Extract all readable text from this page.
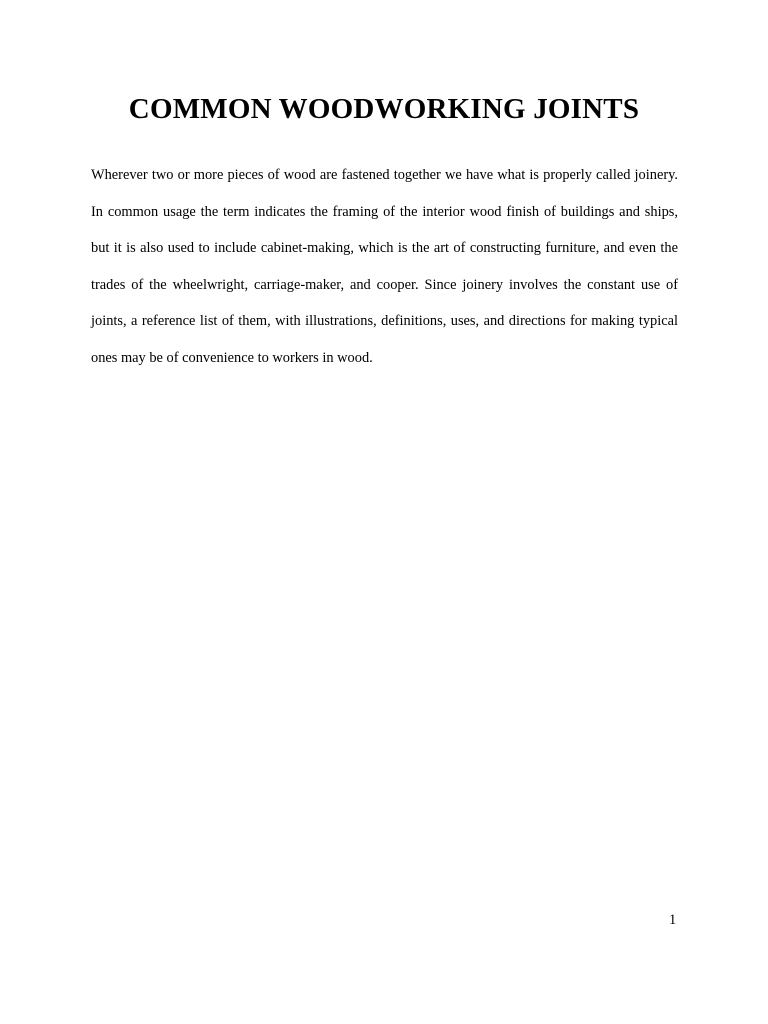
COMMON WOODWORKING JOINTS

Wherever two or more pieces of wood are fastened together we have what is properly called joinery.

In common usage the term indicates the framing of the interior wood finish of buildings and ships,

but it is also used to include cabinet-making, which is the art of constructing furniture, and even the

trades of the wheelwright, carriage-maker, and cooper. Since joinery involves the constant use of

joints, a reference list of them, with illustrations, definitions, uses, and directions for making typical

ones may be of convenience to workers in wood.

1
